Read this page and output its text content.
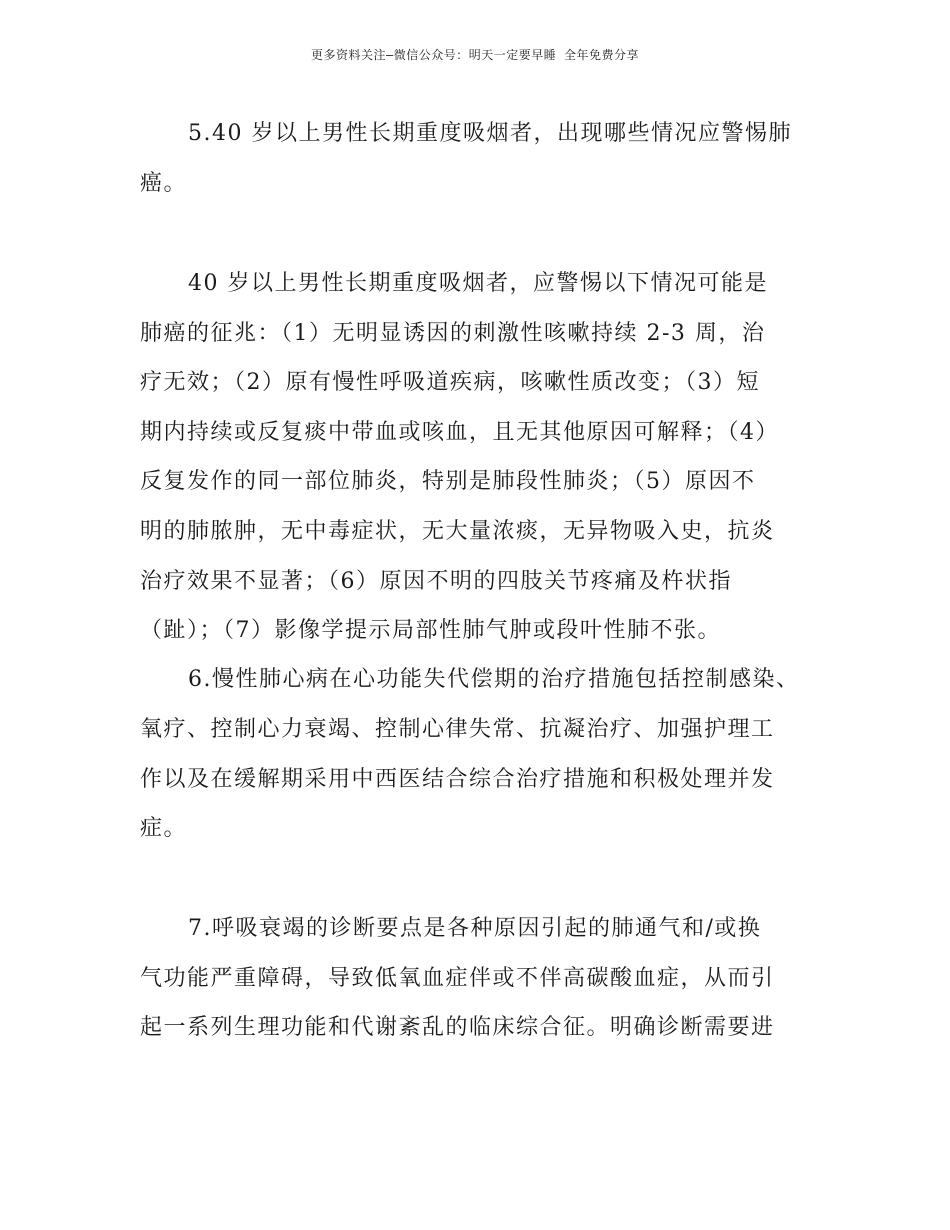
更多资料关注–微信公众号：明天一定要早睡 全年免费分享
5.40 岁以上男性长期重度吸烟者，出现哪些情况应警惕肺
癌。
40 岁以上男性长期重度吸烟者，应警惕以下情况可能是
肺癌的征兆：（1）无明显诱因的刺激性咳嗽持续 2-3 周，治
疗无效；（2）原有慢性呼吸道疾病，咳嗽性质改变；（3）短
期内持续或反复痰中带血或咳血，且无其他原因可解释；（4）
反复发作的同一部位肺炎，特别是肺段性肺炎；（5）原因不
明的肺脓肿，无中毒症状，无大量浓痰，无异物吸入史，抗炎
治疗效果不显著；（6）原因不明的四肢关节疼痛及杵状指
（趾）；（7）影像学提示局部性肺气肿或段叶性肺不张。
6.慢性肺心病在心功能失代偿期的治疗措施包括控制感染、
氧疗、控制心力衰竭、控制心律失常、抗凝治疗、加强护理工
作以及在缓解期采用中西医结合综合治疗措施和积极处理并发
症。
7.呼吸衰竭的诊断要点是各种原因引起的肺通气和/或换
气功能严重障碍，导致低氧血症伴或不伴高碳酸血症，从而引
起一系列生理功能和代谢紊乱的临床综合征。明确诊断需要进
